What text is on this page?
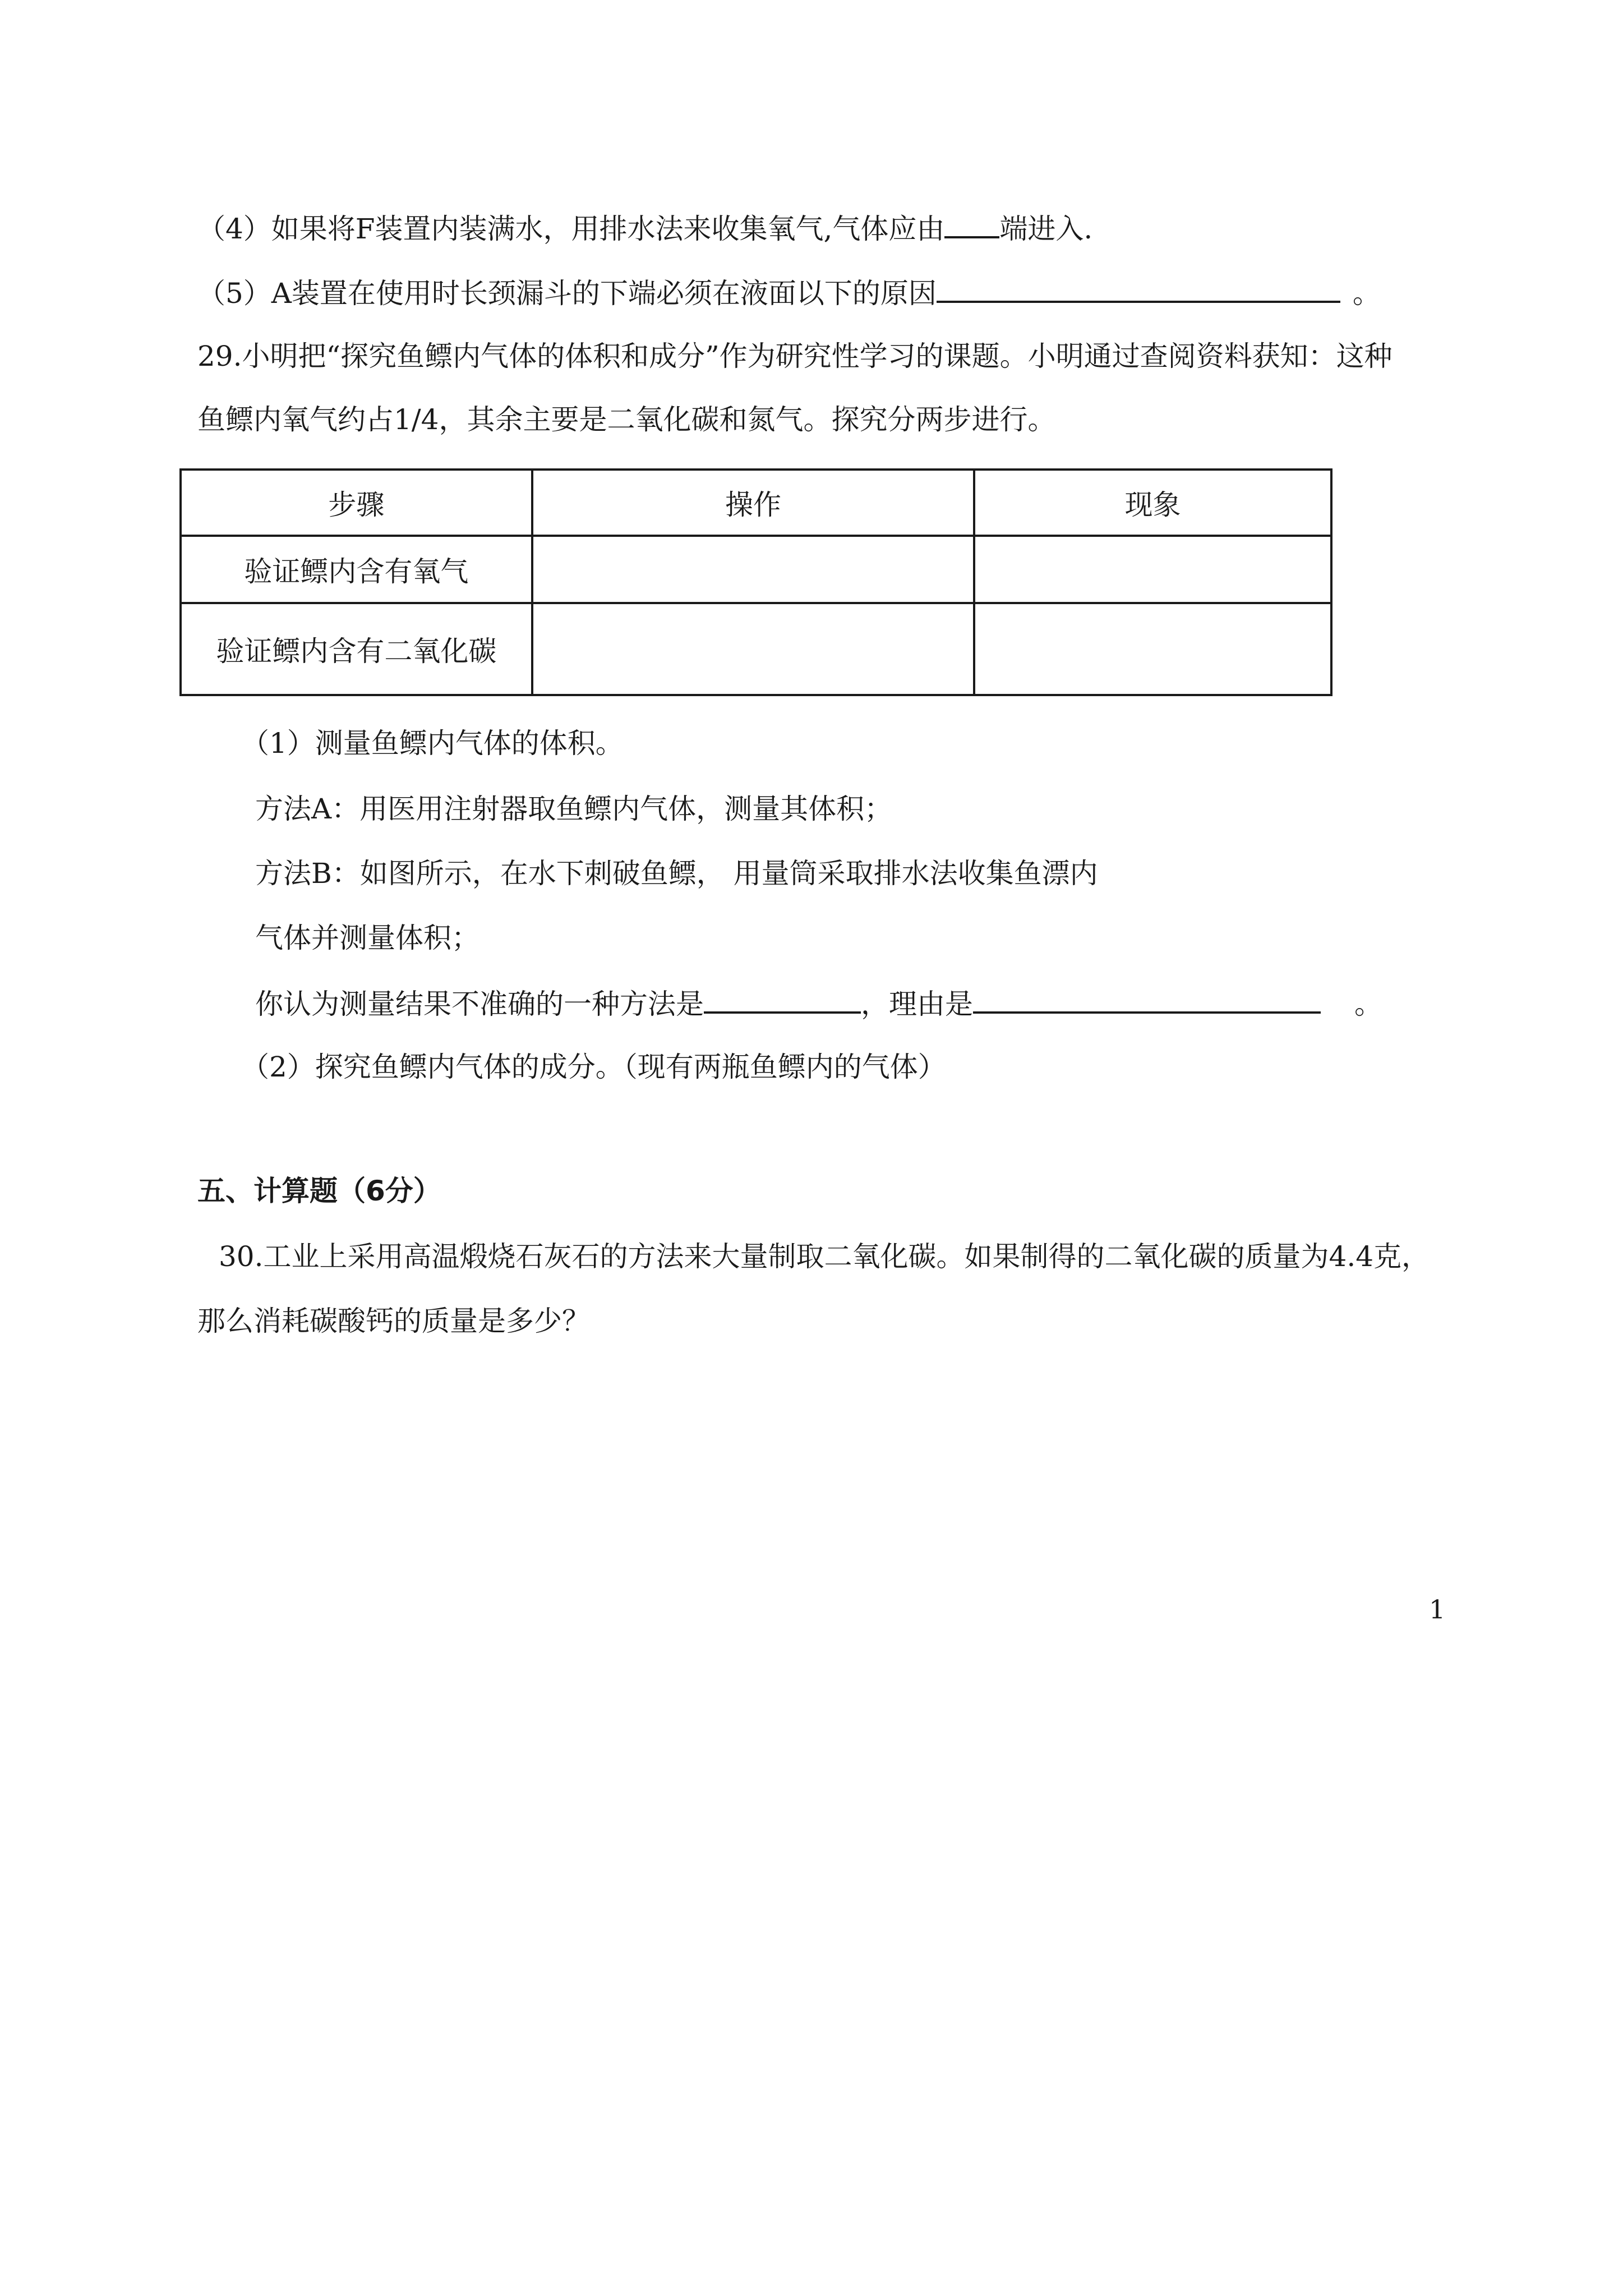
（4）如果将F装置内装满水，用排水法来收集氧气,气体应由 端进入.
（5）A装置在使用时长颈漏斗的下端必须在液面以下的原因	。
29.小明把“探究鱼鳔内气体的体积和成分”作为研究性学习的课题。小明通过查阅资料获知：这种
鱼鳔内氧气约占1/4，其余主要是二氧化碳和氮气。探究分两步进行。
步骤	操作	现象
验证鳔内含有氧气		
验证鳔内含有二氧化碳		
（1）测量鱼鳔内气体的体积。
方法A：用医用注射器取鱼鳔内气体，测量其体积；
方法B：如图所示，在水下刺破鱼鳔， 用量筒采取排水法收集鱼漂内
气体并测量体积；
你认为测量结果不准确的一种方法是	，理由是	。
（2）探究鱼鳔内气体的成分。（现有两瓶鱼鳔内的气体）
五、计算题（6分）
30.工业上采用高温煅烧石灰石的方法来大量制取二氧化碳。如果制得的二氧化碳的质量为4.4克，
那么消耗碳酸钙的质量是多少？
1
